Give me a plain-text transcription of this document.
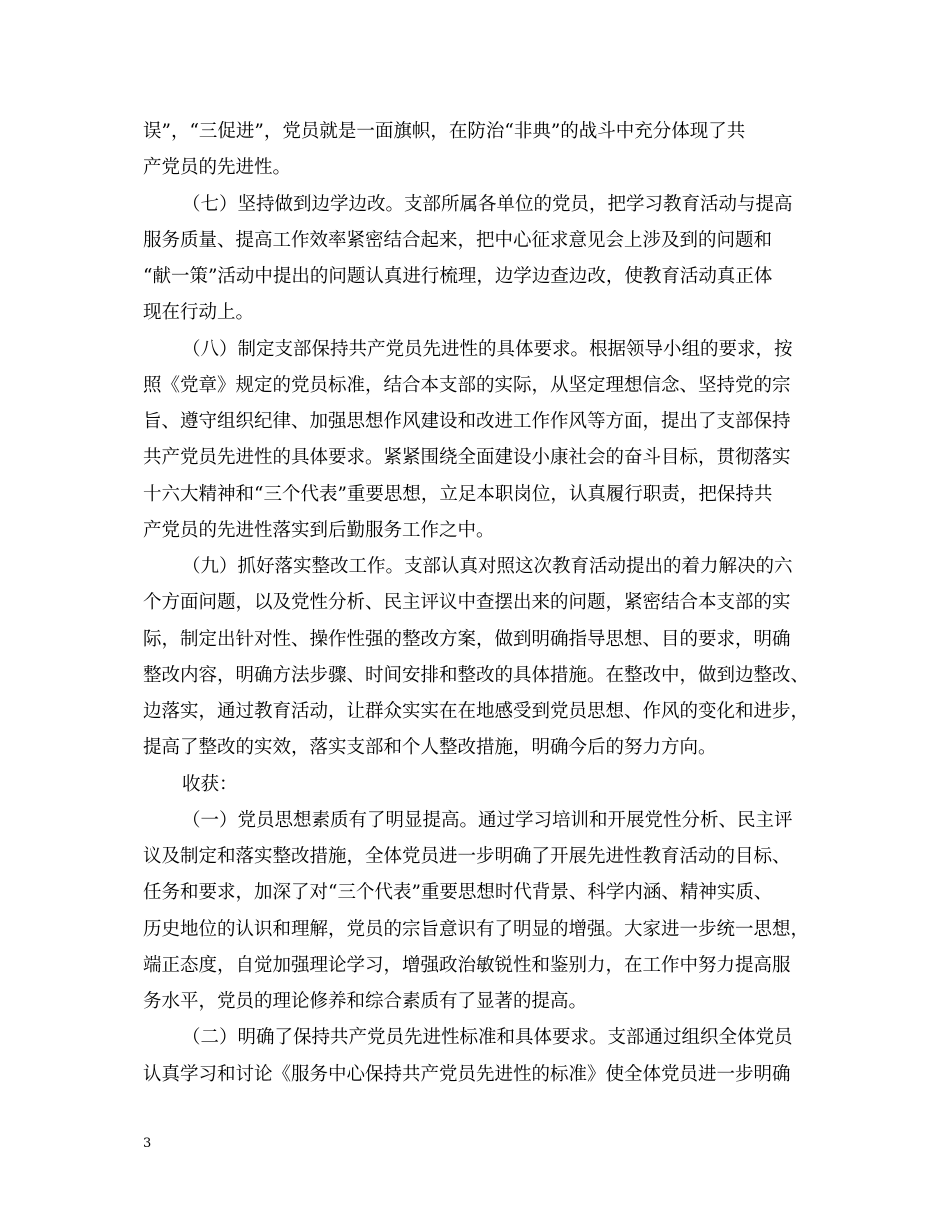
误”，“三促进”，党员就是一面旗帜，在防治“非典”的战斗中充分体现了共
产党员的先进性。
（七）坚持做到边学边改。支部所属各单位的党员，把学习教育活动与提高
服务质量、提高工作效率紧密结合起来，把中心征求意见会上涉及到的问题和
“献一策”活动中提出的问题认真进行梳理，边学边查边改，使教育活动真正体
现在行动上。
（八）制定支部保持共产党员先进性的具体要求。根据领导小组的要求，按
照《党章》规定的党员标准，结合本支部的实际，从坚定理想信念、坚持党的宗
旨、遵守组织纪律、加强思想作风建设和改进工作作风等方面，提出了支部保持
共产党员先进性的具体要求。紧紧围绕全面建设小康社会的奋斗目标，贯彻落实
十六大精神和“三个代表”重要思想，立足本职岗位，认真履行职责，把保持共
产党员的先进性落实到后勤服务工作之中。
（九）抓好落实整改工作。支部认真对照这次教育活动提出的着力解决的六
个方面问题，以及党性分析、民主评议中查摆出来的问题，紧密结合本支部的实
际，制定出针对性、操作性强的整改方案，做到明确指导思想、目的要求，明确
整改内容，明确方法步骤、时间安排和整改的具体措施。在整改中，做到边整改、
边落实，通过教育活动，让群众实实在在地感受到党员思想、作风的变化和进步，
提高了整改的实效，落实支部和个人整改措施，明确今后的努力方向。
收获：
（一）党员思想素质有了明显提高。通过学习培训和开展党性分析、民主评
议及制定和落实整改措施，全体党员进一步明确了开展先进性教育活动的目标、
任务和要求，加深了对“三个代表”重要思想时代背景、科学内涵、精神实质、
历史地位的认识和理解，党员的宗旨意识有了明显的增强。大家进一步统一思想，
端正态度，自觉加强理论学习，增强政治敏锐性和鉴别力，在工作中努力提高服
务水平，党员的理论修养和综合素质有了显著的提高。
（二）明确了保持共产党员先进性标准和具体要求。支部通过组织全体党员
认真学习和讨论《服务中心保持共产党员先进性的标准》使全体党员进一步明确
3
